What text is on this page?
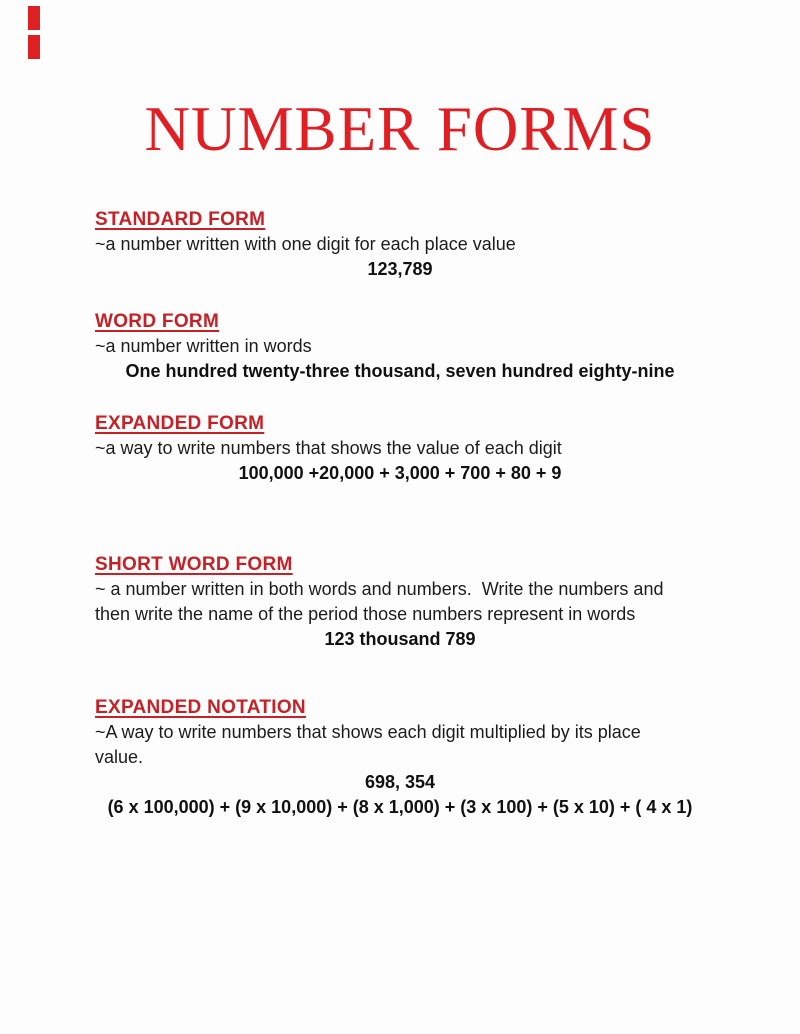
NUMBER FORMS
STANDARD FORM

~a number written with one digit for each place value

123,789

WORD FORM

~a number written in words

One hundred twenty-three thousand, seven hundred eighty-nine

EXPANDED FORM

~a way to write numbers that shows the value of each digit

100,000 +20,000 + 3,000 + 700 + 80 + 9

SHORT WORD FORM

~ a number written in both words and numbers.  Write the numbers and

then write the name of the period those numbers represent in words

123 thousand 789

EXPANDED NOTATION

~A way to write numbers that shows each digit multiplied by its place

value.

698, 354

(6 x 100,000) + (9 x 10,000) + (8 x 1,000) + (3 x 100) + (5 x 10) + ( 4 x 1)
